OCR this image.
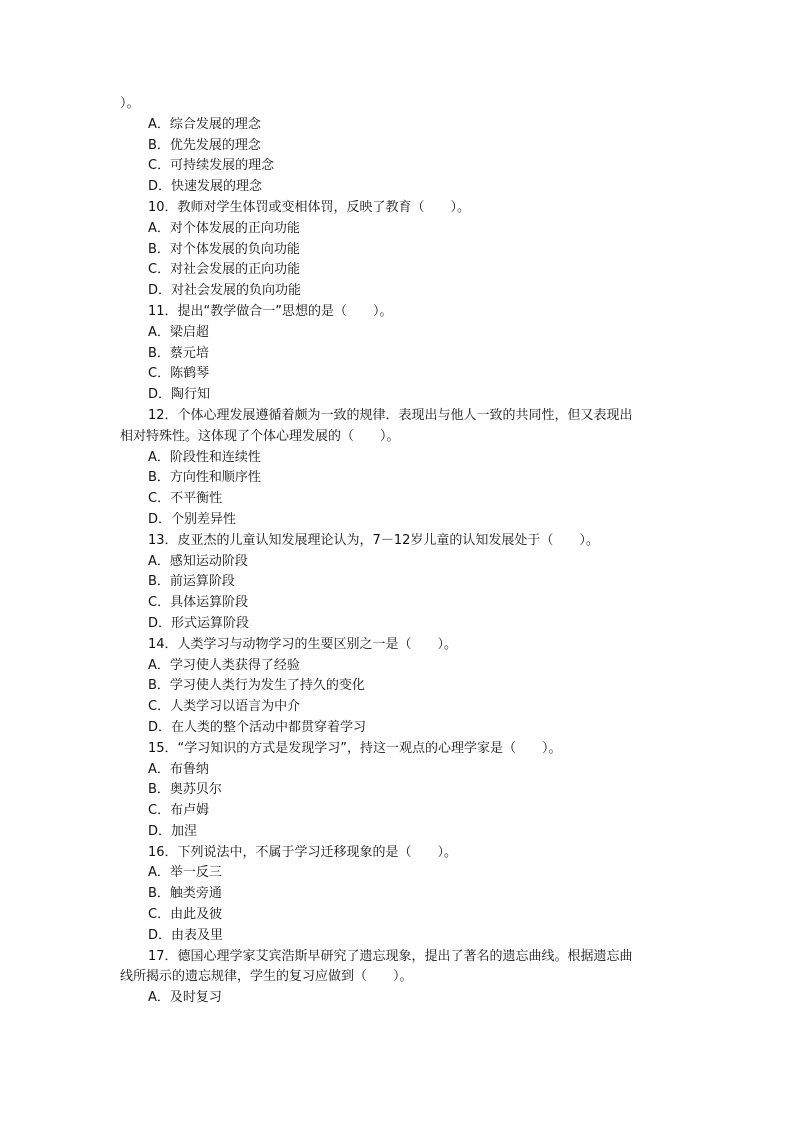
）。
A．综合发展的理念
B．优先发展的理念
C．可持续发展的理念
D．快速发展的理念
10．教师对学生体罚或变相体罚，反映了教育（　　）。
A．对个体发展的正向功能
B．对个体发展的负向功能
C．对社会发展的正向功能
D．对社会发展的负向功能
11．提出“教学做合一”思想的是（　　）。
A．梁启超
B．蔡元培
C．陈鹤琴
D．陶行知
12．个体心理发展遵循着颇为一致的规律．表现出与他人一致的共同性，但又表现出
相对特殊性。这体现了个体心理发展的（　　）。
A．阶段性和连续性
B．方向性和顺序性
C．不平衡性
D．个别差异性
13．皮亚杰的儿童认知发展理论认为，7－12岁儿童的认知发展处于（　　）。
A．感知运动阶段
B．前运算阶段
C．具体运算阶段
D．形式运算阶段
14．人类学习与动物学习的生要区别之一是（　　）。
A．学习使人类获得了经验
B．学习使人类行为发生了持久的变化
C．人类学习以语言为中介
D．在人类的整个活动中都贯穿着学习
15．“学习知识的方式是发现学习”，持这一观点的心理学家是（　　）。
A．布鲁纳
B．奥苏贝尔
C．布卢姆
D．加涅
16．下列说法中，不属于学习迁移现象的是（　　）。
A．举一反三
B．触类旁通
C．由此及彼
D．由表及里
17．德国心理学家艾宾浩斯早研究了遗忘现象，提出了著名的遗忘曲线。根据遗忘曲
线所揭示的遗忘规律，学生的复习应做到（　　）。
A．及时复习
